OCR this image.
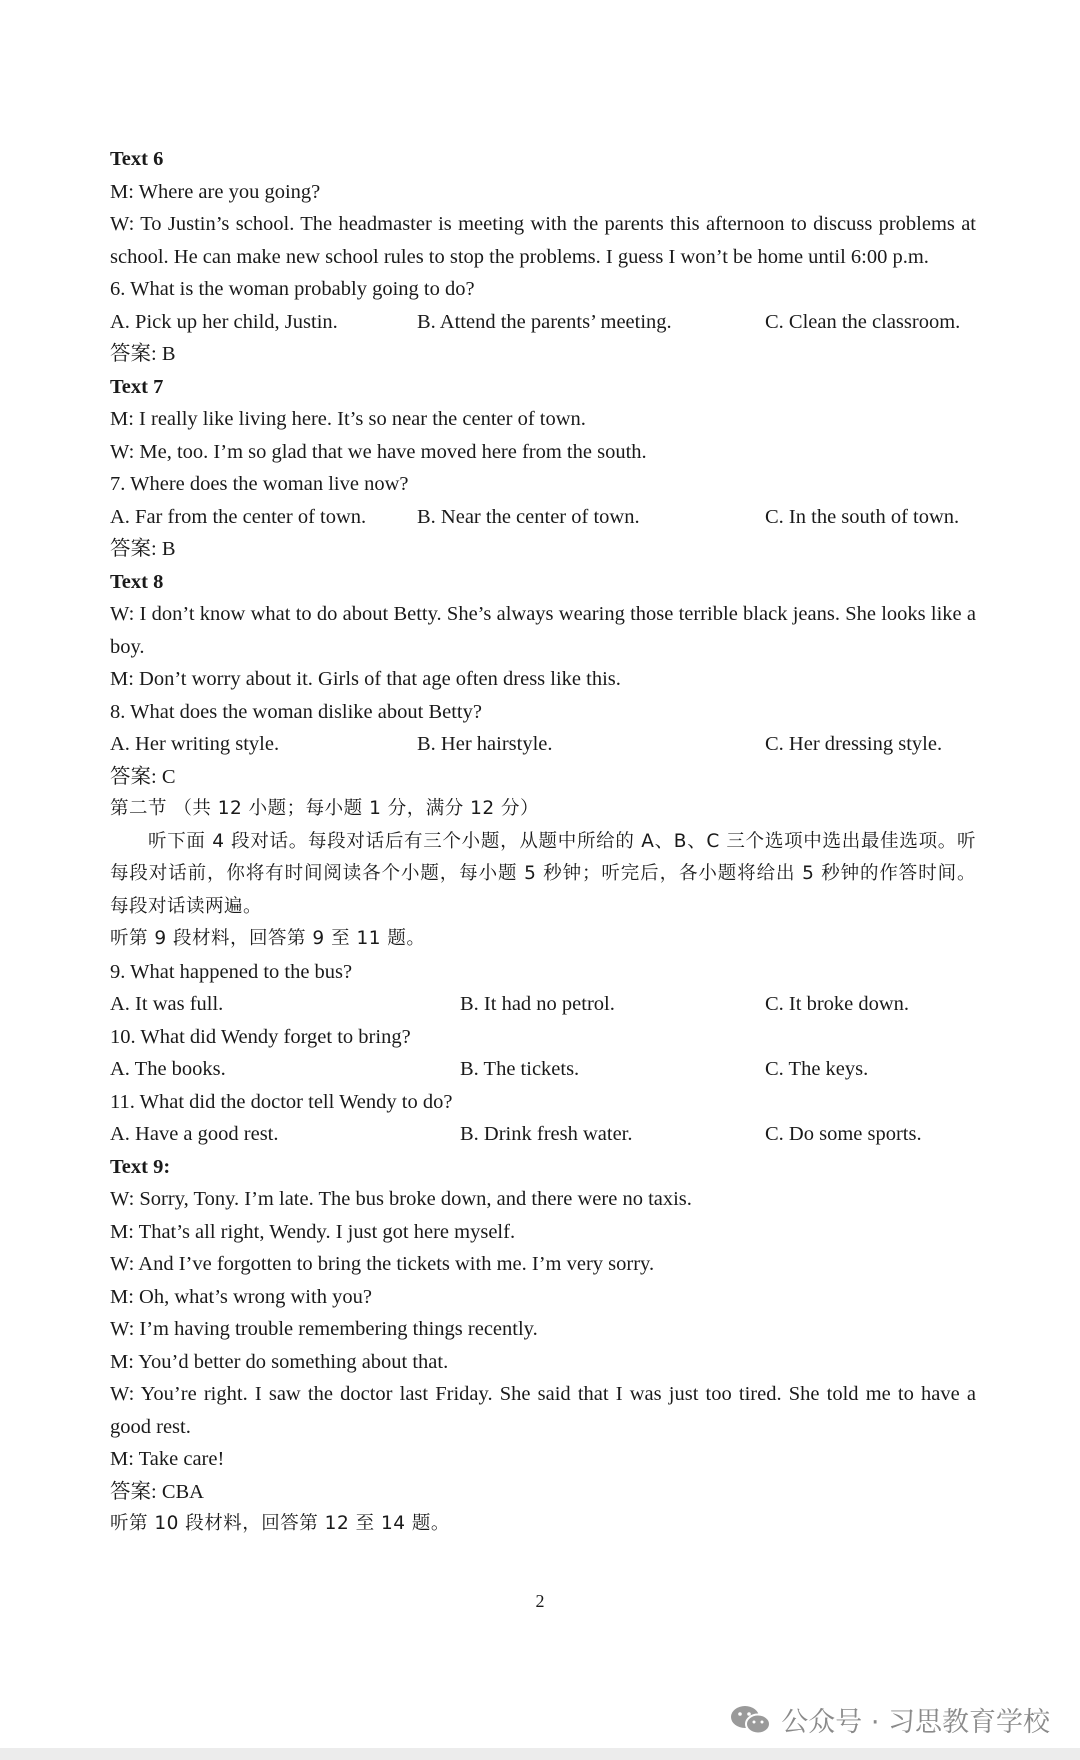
Text 6
M: Where are you going?
W: To Justin’s school. The headmaster is meeting with the parents this afternoon to discuss problems at school. He can make new school rules to stop the problems. I guess I won’t be home until 6:00 p.m.
6. What is the woman probably going to do?
A. Pick up her child, Justin.	B. Attend the parents’ meeting.	C. Clean the classroom.
答案: B
Text 7
M: I really like living here. It’s so near the center of town.
W: Me, too. I’m so glad that we have moved here from the south.
7. Where does the woman live now?
A. Far from the center of town.	B. Near the center of town.	C. In the south of town.
答案: B
Text 8
W: I don’t know what to do about Betty. She’s always wearing those terrible black jeans. She looks like a boy.
M: Don’t worry about it. Girls of that age often dress like this.
8. What does the woman dislike about Betty?
A. Her writing style.	B. Her hairstyle.	C. Her dressing style.
答案: C
第二节 （共 12 小题；每小题 1 分，满分 12 分）
听下面 4 段对话。每段对话后有三个小题，从题中所给的 A、B、C 三个选项中选出最佳选项。听每段对话前，你将有时间阅读各个小题，每小题 5 秒钟；听完后，各小题将给出 5 秒钟的作答时间。每段对话读两遍。
听第 9 段材料，回答第 9 至 11 题。
9. What happened to the bus?
A. It was full.	B. It had no petrol.	C. It broke down.
10. What did Wendy forget to bring?
A. The books.	B. The tickets.	C. The keys.
11. What did the doctor tell Wendy to do?
A. Have a good rest.	B. Drink fresh water.	C. Do some sports.
Text 9:
W: Sorry, Tony. I’m late. The bus broke down, and there were no taxis.
M: That’s all right, Wendy. I just got here myself.
W: And I’ve forgotten to bring the tickets with me. I’m very sorry.
M: Oh, what’s wrong with you?
W: I’m having trouble remembering things recently.
M: You’d better do something about that.
W: You’re right. I saw the doctor last Friday. She said that I was just too tired. She told me to have a good rest.
M: Take care!
答案: CBA
听第 10 段材料，回答第 12 至 14 题。
2
公众号 · 习思教育学校
